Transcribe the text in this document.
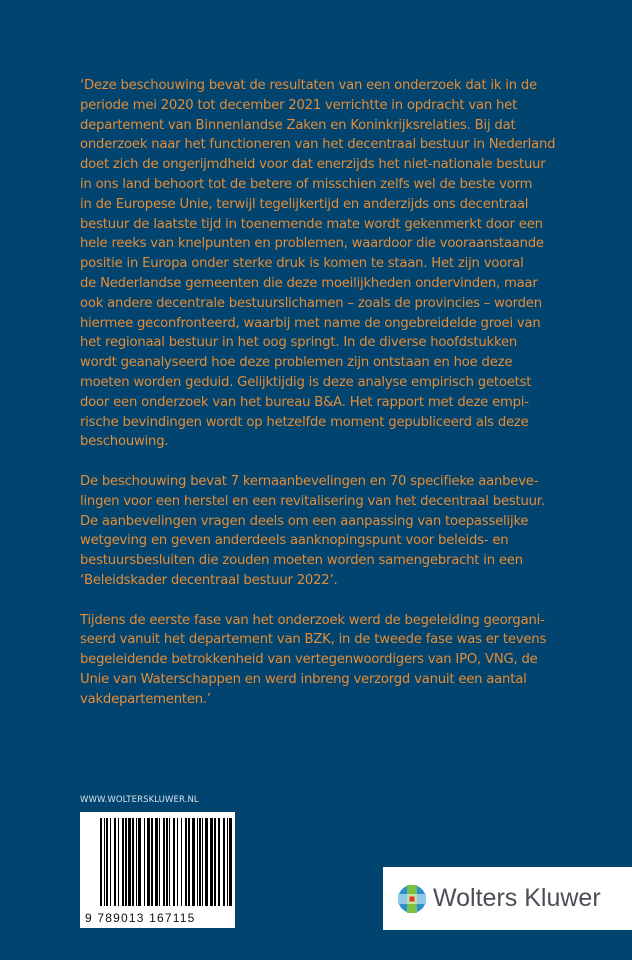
‘Deze beschouwing bevat de resultaten van een onderzoek dat ik in de
periode mei 2020 tot december 2021 verrichtte in opdracht van het
departement van Binnenlandse Zaken en Koninkrijksrelaties. Bij dat
onderzoek naar het functioneren van het decentraal bestuur in Nederland
doet zich de ongerijmdheid voor dat enerzijds het niet-nationale bestuur
in ons land behoort tot de betere of misschien zelfs wel de beste vorm
in de Europese Unie, terwijl tegelijkertijd en anderzijds ons decentraal
bestuur de laatste tijd in toenemende mate wordt gekenmerkt door een
hele reeks van knelpunten en problemen, waardoor die vooraanstaande
positie in Europa onder sterke druk is komen te staan. Het zijn vooral
de Nederlandse gemeenten die deze moeilijkheden ondervinden, maar
ook andere decentrale bestuurslichamen – zoals de provincies – worden
hiermee geconfronteerd, waarbij met name de ongebreidelde groei van
het regionaal bestuur in het oog springt. In de diverse hoofdstukken
wordt geanalyseerd hoe deze problemen zijn ontstaan en hoe deze
moeten worden geduid. Gelijktijdig is deze analyse empirisch getoetst
door een onderzoek van het bureau B&A. Het rapport met deze empi-
rische bevindingen wordt op hetzelfde moment gepubliceerd als deze
beschouwing.

De beschouwing bevat 7 kernaanbevelingen en 70 specifieke aanbeve-
lingen voor een herstel en een revitalisering van het decentraal bestuur.
De aanbevelingen vragen deels om een aanpassing van toepasselijke
wetgeving en geven anderdeels aanknopingspunt voor beleids- en
bestuursbesluiten die zouden moeten worden samengebracht in een
‘Beleidskader decentraal bestuur 2022’.

Tijdens de eerste fase van het onderzoek werd de begeleiding georgani-
seerd vanuit het departement van BZK, in de tweede fase was er tevens
begeleidende betrokkenheid van vertegenwoordigers van IPO, VNG, de
Unie van Waterschappen en werd inbreng verzorgd vanuit een aantal
vakdepartementen.’

WWW.WOLTERSKLUWER.NL
9 789013 167115
Wolters Kluwer
